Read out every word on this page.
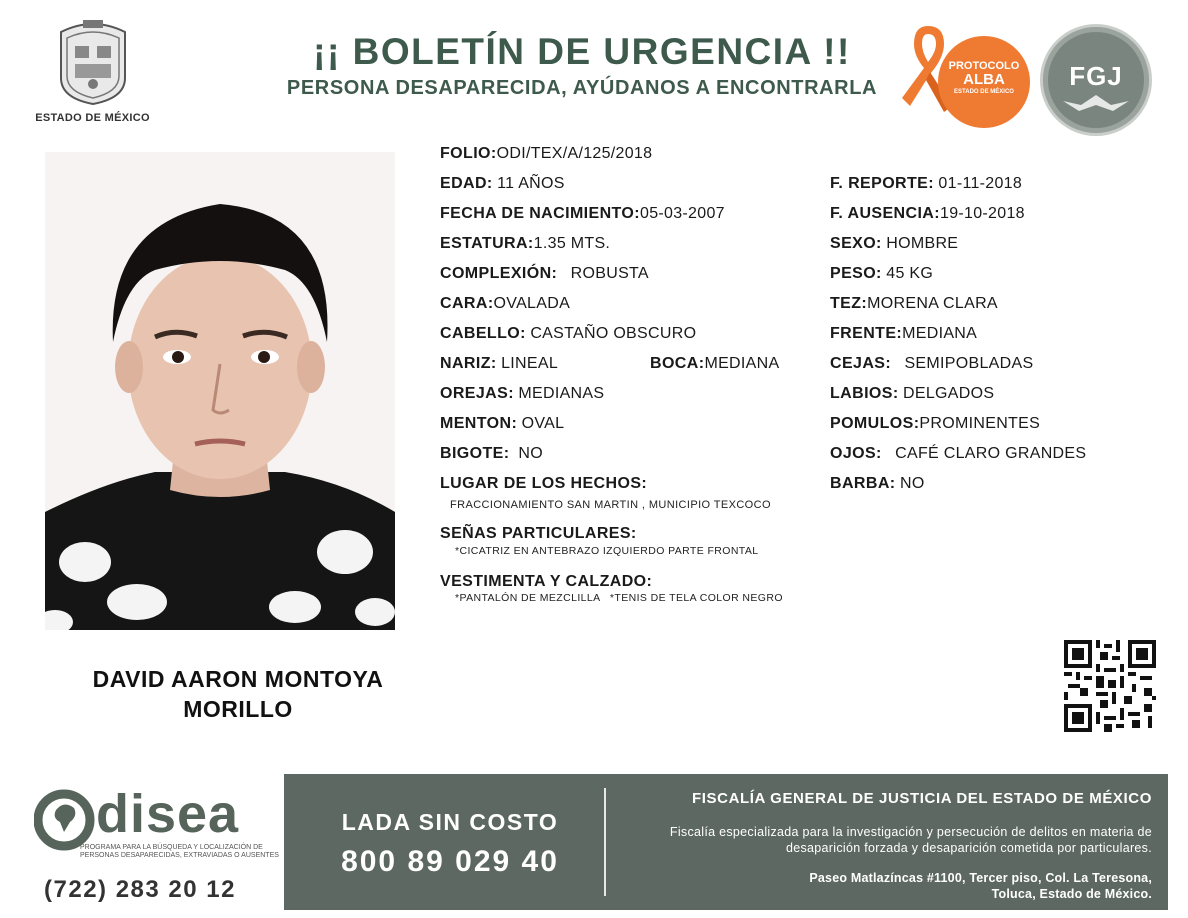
ESTADO DE MÉXICO
¡¡ BOLETÍN DE URGENCIA !!
PERSONA DESAPARECIDA, AYÚDANOS A ENCONTRARLA
PROTOCOLO
ALBA
ESTADO DE MÉXICO
FGJ
DAVID AARON MONTOYA
MORILLO
FOLIO:ODI/TEX/A/125/2018
EDAD: 11 AÑOS
FECHA DE NACIMIENTO:05-03-2007
ESTATURA:1.35 MTS.
COMPLEXIÓN: ROBUSTA
CARA:OVALADA
CABELLO: CASTAÑO OBSCURO
NARIZ: LINEAL	BOCA:MEDIANA
OREJAS: MEDIANAS
MENTON: OVAL
BIGOTE: NO
LUGAR DE LOS HECHOS:
FRACCIONAMIENTO SAN MARTIN , MUNICIPIO TEXCOCO
SEÑAS PARTICULARES:
*CICATRIZ EN ANTEBRAZO IZQUIERDO PARTE FRONTAL
VESTIMENTA Y CALZADO:
*PANTALÓN DE MEZCLILLA   *TENIS DE TELA COLOR NEGRO
F. REPORTE: 01-11-2018
F. AUSENCIA:19-10-2018
SEXO: HOMBRE
PESO: 45 KG
TEZ:MORENA CLARA
FRENTE:MEDIANA
CEJAS: SEMIPOBLADAS
LABIOS: DELGADOS
POMULOS:PROMINENTES
OJOS: CAFÉ CLARO GRANDES
BARBA: NO
disea
PROGRAMA PARA LA BÚSQUEDA Y LOCALIZACIÓN DE PERSONAS DESAPARECIDAS, EXTRAVIADAS O AUSENTES
(722) 283 20 12
LADA SIN COSTO
800 89 029 40
FISCALÍA GENERAL DE JUSTICIA DEL ESTADO DE MÉXICO
Fiscalía especializada para la investigación y persecución de delitos en materia de desaparición forzada y desaparición cometida por particulares.
Paseo Matlazíncas #1100, Tercer piso, Col. La Teresona,
Toluca, Estado de México.
